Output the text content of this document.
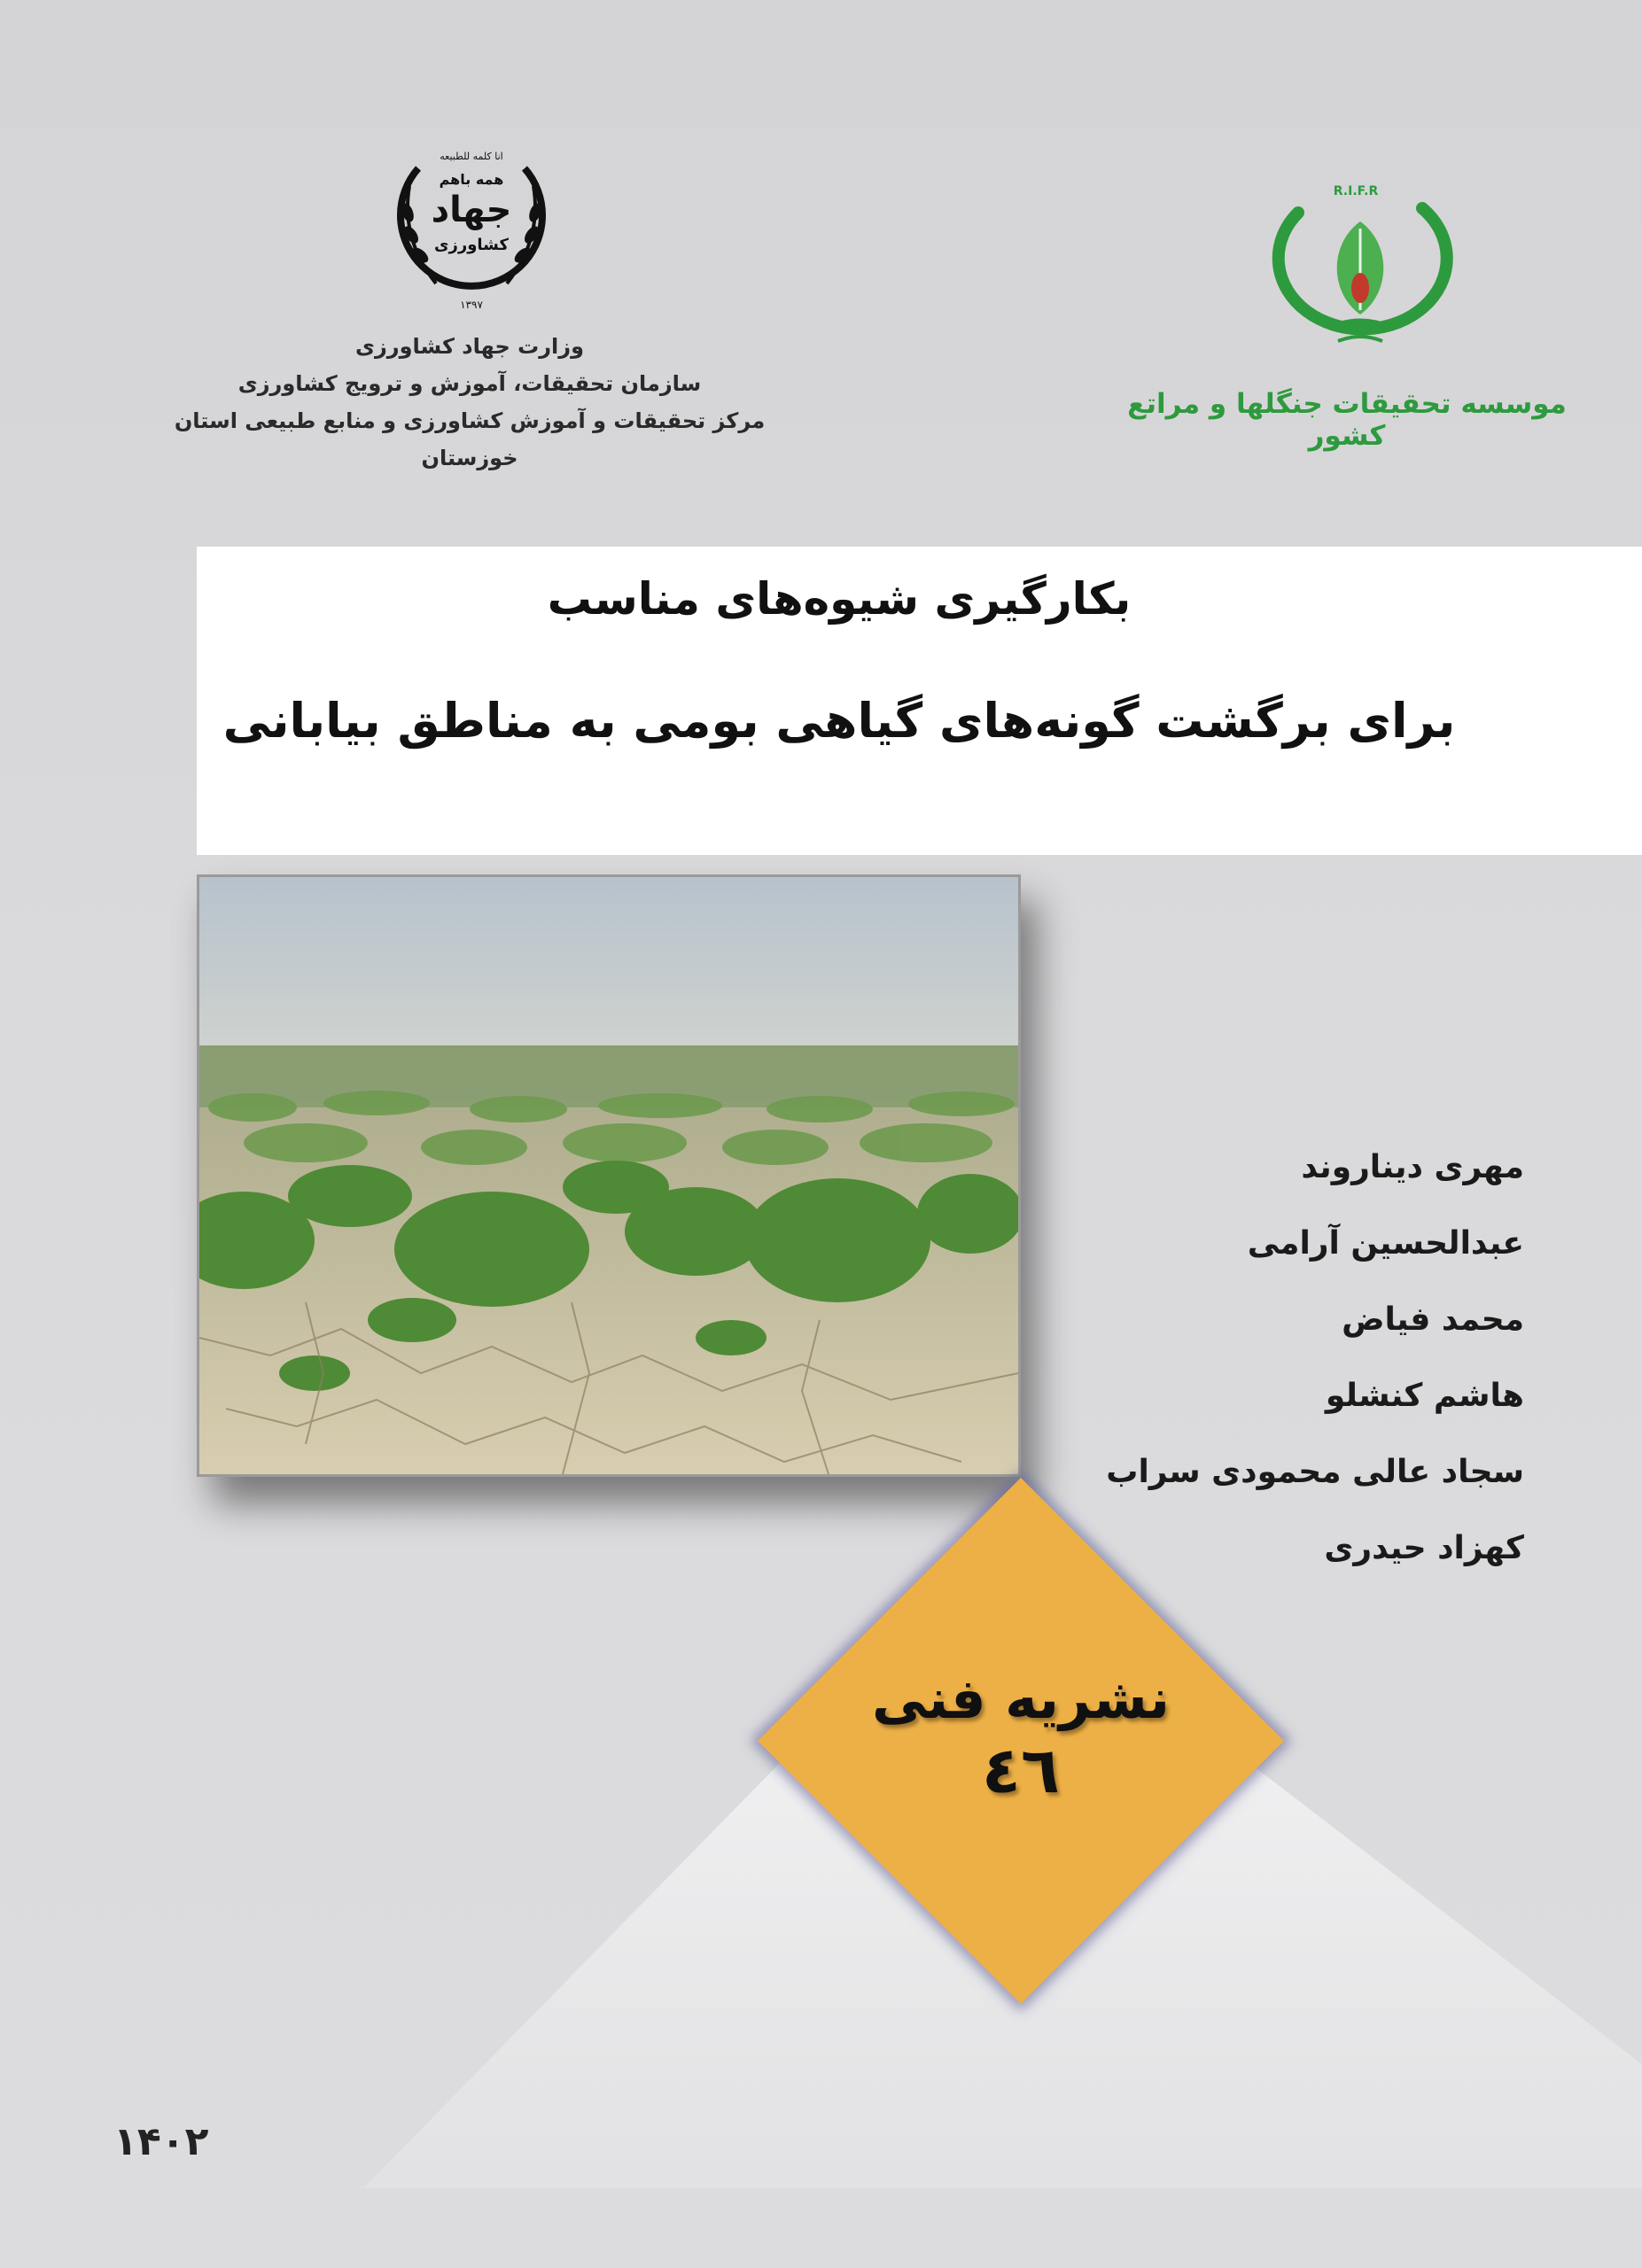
انا کلمه للطبیعه
همه باهم
جهاد
کشاورزی
۱۳۹۷
وزارت جهاد کشاورزی
سازمان تحقیقات، آموزش و ترویج کشاورزی
مرکز تحقیقات و آموزش کشاورزی و منابع طبیعی استان خوزستان
R.I.F.R
موسسه تحقیقات جنگلها و مراتع کشور
بکارگیری شیوه‌های مناسب
برای برگشت گونه‌های گیاهی بومی به مناطق بیابانی
مهری دیناروند
عبدالحسین آرامی
محمد فیاض
هاشم کنشلو
سجاد عالی محمودی سراب
کهزاد حیدری
نشریه فنی
٤٦
۱۴۰۲
